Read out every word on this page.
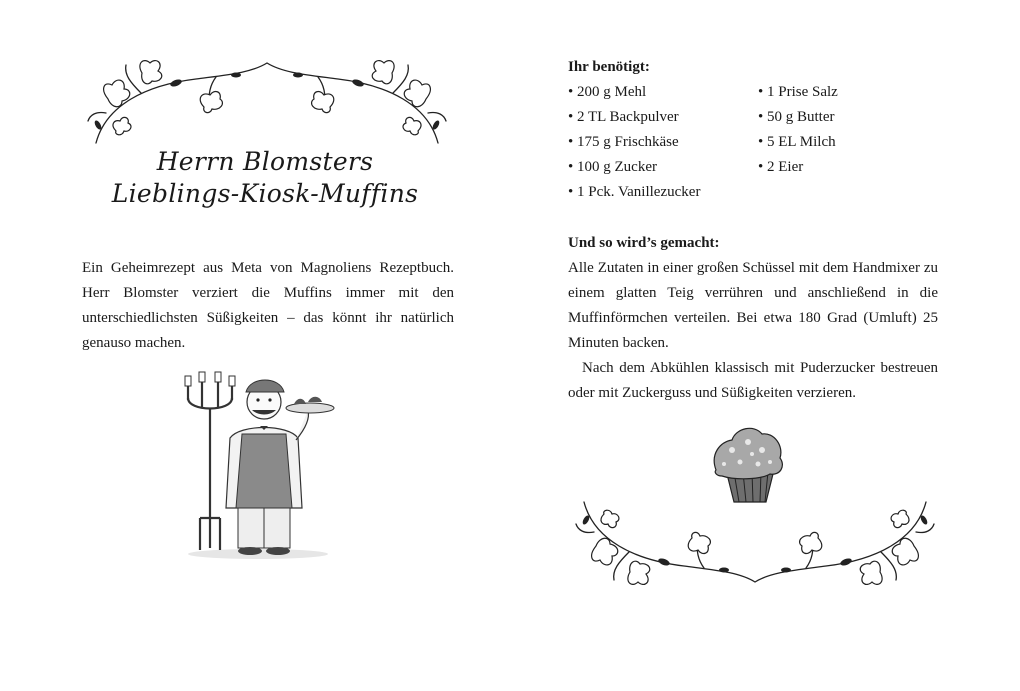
Herrn Blomsters
Lieblings-Kiosk-Muffins
Ein Geheimrezept aus Meta von Magnoliens Rezeptbuch. Herr Blomster verziert die Muffins immer mit den unterschiedlichsten Süßigkeiten – das könnt ihr natürlich genauso machen.
Ihr benötigt:
• 200 g Mehl
• 2 TL Backpulver
• 175 g Frischkäse
• 100 g Zucker
• 1 Pck. Vanillezucker
• 1 Prise Salz
• 50 g Butter
• 5 EL Milch
• 2 Eier
Und so wird’s gemacht:

Alle Zutaten in einer großen Schüssel mit dem Handmixer zu einem glatten Teig verrühren und anschließend in die Muffinförmchen verteilen. Bei etwa 180 Grad (Umluft) 25 Minuten backen.

Nach dem Abkühlen klassisch mit Puderzucker bestreuen oder mit Zuckerguss und Süßigkeiten verzieren.
